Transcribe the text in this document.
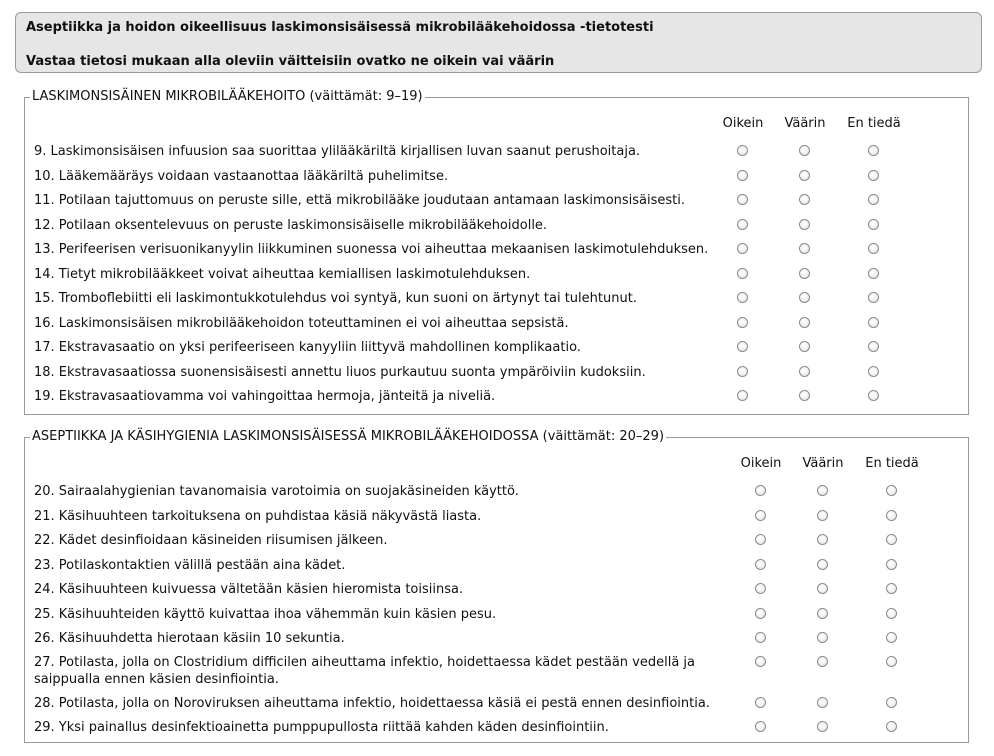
Aseptiikka ja hoidon oikeellisuus laskimonsisäisessä mikrobilääkehoidossa -tietotesti
Vastaa tietosi mukaan alla oleviin väitteisiin ovatko ne oikein vai väärin
LASKIMONSISÄINEN MIKROBILÄÄKEHOITO (väittämät: 9–19)
Oikein	Väärin	En tiedä
9. Laskimonsisäisen infuusion saa suorittaa ylilääkäriltä kirjallisen luvan saanut perushoitaja.
10. Lääkemääräys voidaan vastaanottaa lääkäriltä puhelimitse.
11. Potilaan tajuttomuus on peruste sille, että mikrobilääke joudutaan antamaan laskimonsisäisesti.
12. Potilaan oksentelevuus on peruste laskimonsisäiselle mikrobilääkehoidolle.
13. Perifeerisen verisuonikanyylin liikkuminen suonessa voi aiheuttaa mekaanisen laskimotulehduksen.
14. Tietyt mikrobilääkkeet voivat aiheuttaa kemiallisen laskimotulehduksen.
15. Tromboflebiitti eli laskimontukkotulehdus voi syntyä, kun suoni on ärtynyt tai tulehtunut.
16. Laskimonsisäisen mikrobilääkehoidon toteuttaminen ei voi aiheuttaa sepsistä.
17. Ekstravasaatio on yksi perifeeriseen kanyyliin liittyvä mahdollinen komplikaatio.
18. Ekstravasaatiossa suonensisäisesti annettu liuos purkautuu suonta ympäröiviin kudoksiin.
19. Ekstravasaatiovamma voi vahingoittaa hermoja, jänteitä ja niveliä.
ASEPTIIKKA JA KÄSIHYGIENIA LASKIMONSISÄISESSÄ MIKROBILÄÄKEHOIDOSSA (väittämät: 20–29)
Oikein	Väärin	En tiedä
20. Sairaalahygienian tavanomaisia varotoimia on suojakäsineiden käyttö.
21. Käsihuuhteen tarkoituksena on puhdistaa käsiä näkyvästä liasta.
22. Kädet desinfioidaan käsineiden riisumisen jälkeen.
23. Potilaskontaktien välillä pestään aina kädet.
24. Käsihuuhteen kuivuessa vältetään käsien hieromista toisiinsa.
25. Käsihuuhteiden käyttö kuivattaa ihoa vähemmän kuin käsien pesu.
26. Käsihuuhdetta hierotaan käsiin 10 sekuntia.
27. Potilasta, jolla on Clostridium difficilen aiheuttama infektio, hoidettaessa kädet pestään vedellä ja
saippualla ennen käsien desinfiointia.
28. Potilasta, jolla on Noroviruksen aiheuttama infektio, hoidettaessa käsiä ei pestä ennen desinfiointia.
29. Yksi painallus desinfektioainetta pumppupullosta riittää kahden käden desinfiointiin.
